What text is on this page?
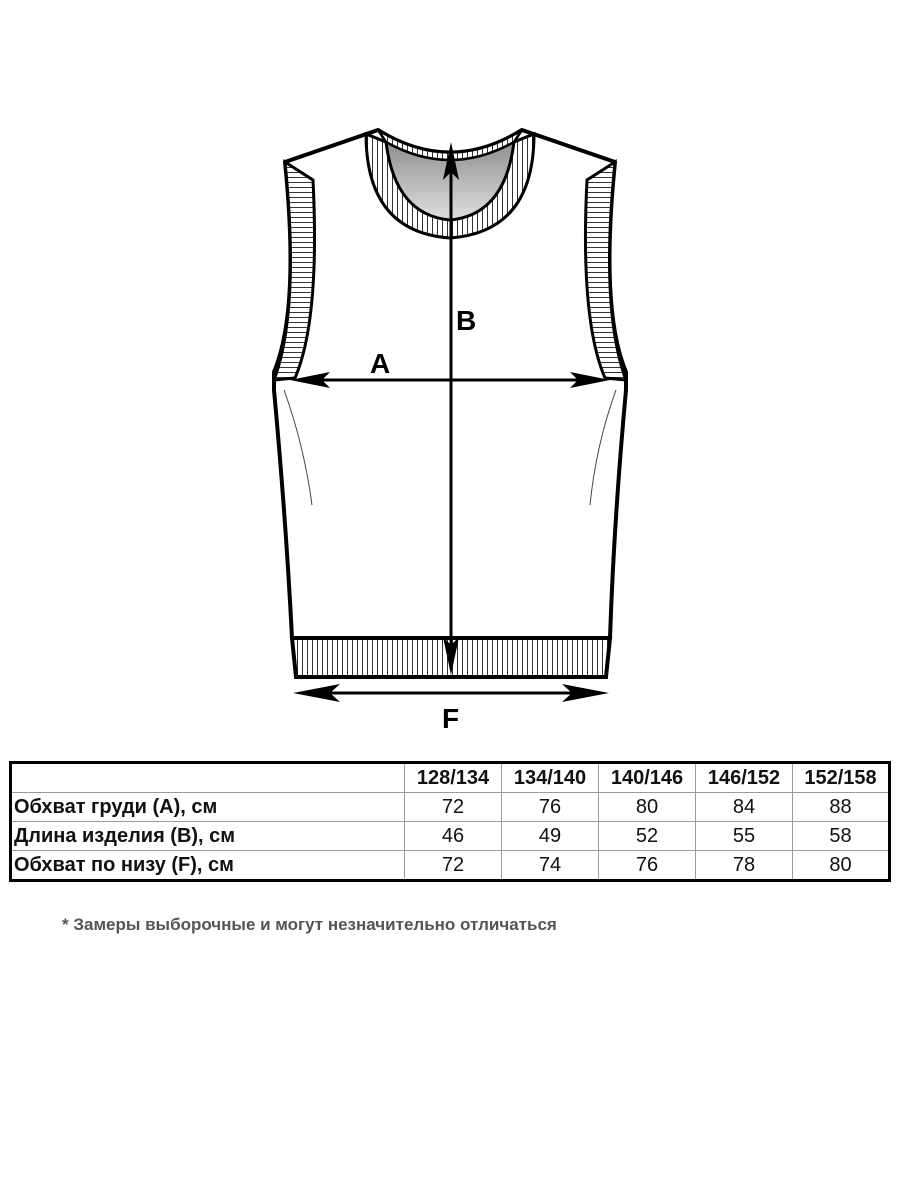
A
B
F
	128/134	134/140	140/146	146/152	152/158
Обхват груди (А), см	72	76	80	84	88
Длина изделия (В), см	46	49	52	55	58
Обхват по низу (F), см	72	74	76	78	80
* Замеры выборочные и могут незначительно отличаться
